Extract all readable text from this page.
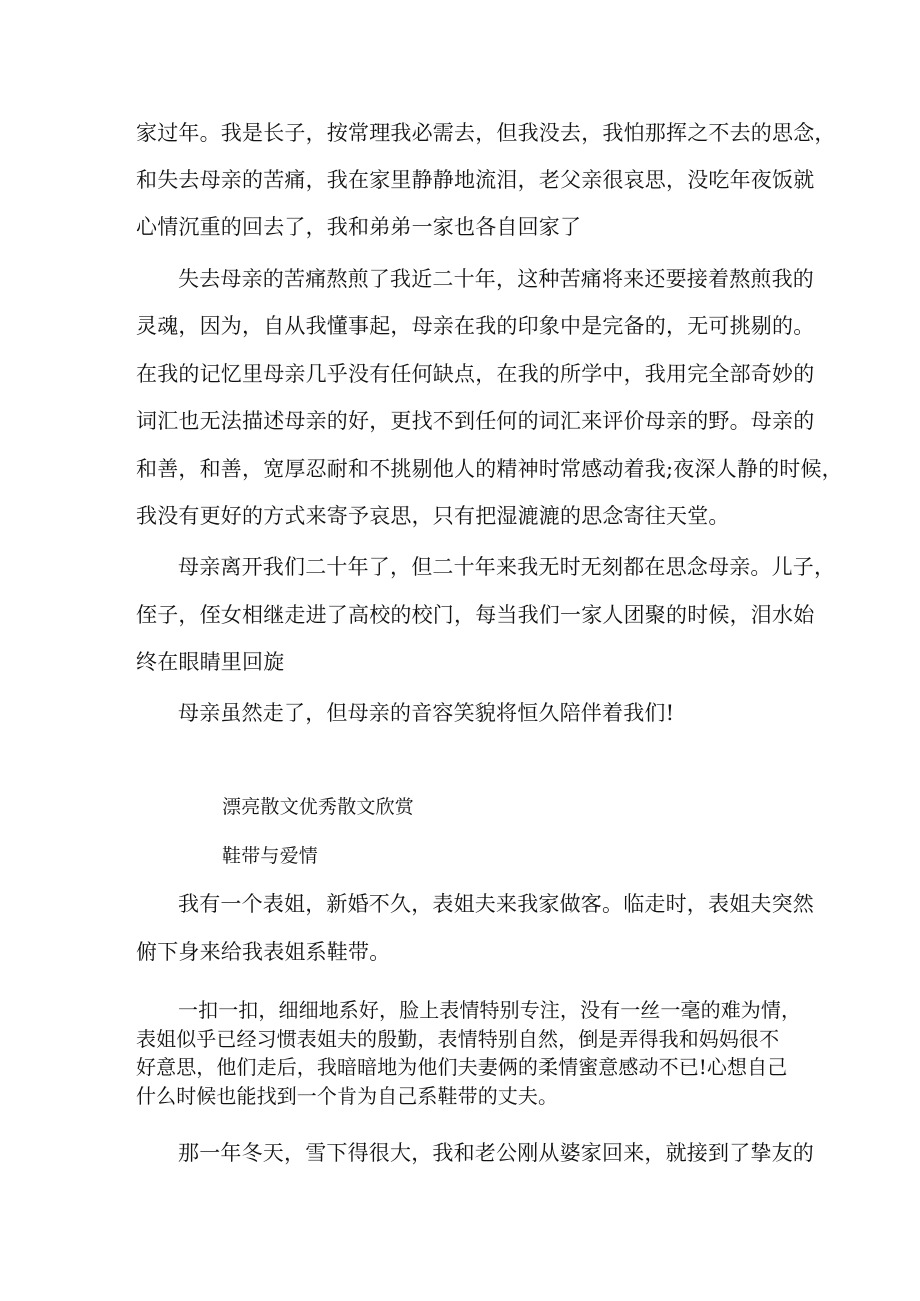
家过年。我是长子，按常理我必需去，但我没去，我怕那挥之不去的思念，
和失去母亲的苦痛，我在家里静静地流泪，老父亲很哀思，没吃年夜饭就
心情沉重的回去了，我和弟弟一家也各自回家了
失去母亲的苦痛熬煎了我近二十年，这种苦痛将来还要接着熬煎我的
灵魂，因为，自从我懂事起，母亲在我的印象中是完备的，无可挑剔的。
在我的记忆里母亲几乎没有任何缺点，在我的所学中，我用完全部奇妙的
词汇也无法描述母亲的好，更找不到任何的词汇来评价母亲的野。母亲的
和善，和善，宽厚忍耐和不挑剔他人的精神时常感动着我;夜深人静的时候，
我没有更好的方式来寄予哀思，只有把湿漉漉的思念寄往天堂。
母亲离开我们二十年了，但二十年来我无时无刻都在思念母亲。儿子，
侄子，侄女相继走进了高校的校门，每当我们一家人团聚的时候，泪水始
终在眼睛里回旋
母亲虽然走了，但母亲的音容笑貌将恒久陪伴着我们!
漂亮散文优秀散文欣赏
鞋带与爱情
我有一个表姐，新婚不久，表姐夫来我家做客。临走时，表姐夫突然
俯下身来给我表姐系鞋带。
一扣一扣，细细地系好，脸上表情特别专注，没有一丝一毫的难为情，
表姐似乎已经习惯表姐夫的殷勤，表情特别自然，倒是弄得我和妈妈很不
好意思，他们走后，我暗暗地为他们夫妻俩的柔情蜜意感动不已!心想自己
什么时候也能找到一个肯为自己系鞋带的丈夫。
那一年冬天，雪下得很大，我和老公刚从婆家回来，就接到了挚友的
